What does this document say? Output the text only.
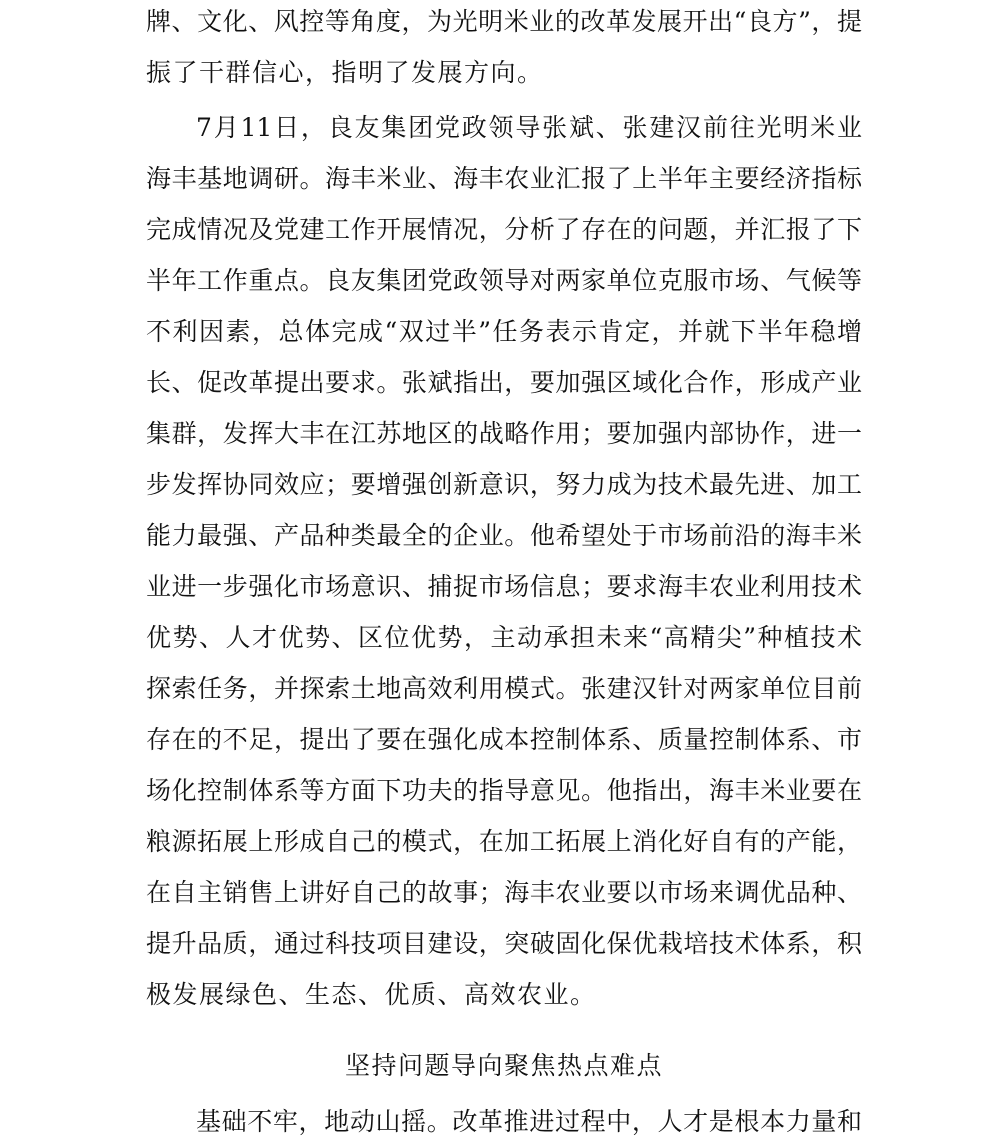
牌、文化、风控等角度，为光明米业的改革发展开出“良方”，提
振了干群信心，指明了发展方向。
7月11日，良友集团党政领导张斌、张建汉前往光明米业
海丰基地调研。海丰米业、海丰农业汇报了上半年主要经济指标
完成情况及党建工作开展情况，分析了存在的问题，并汇报了下
半年工作重点。良友集团党政领导对两家单位克服市场、气候等
不利因素，总体完成“双过半”任务表示肯定，并就下半年稳增
长、促改革提出要求。张斌指出，要加强区域化合作，形成产业
集群，发挥大丰在江苏地区的战略作用；要加强内部协作，进一
步发挥协同效应；要增强创新意识，努力成为技术最先进、加工
能力最强、产品种类最全的企业。他希望处于市场前沿的海丰米
业进一步强化市场意识、捕捉市场信息；要求海丰农业利用技术
优势、人才优势、区位优势，主动承担未来“高精尖”种植技术
探索任务，并探索土地高效利用模式。张建汉针对两家单位目前
存在的不足，提出了要在强化成本控制体系、质量控制体系、市
场化控制体系等方面下功夫的指导意见。他指出，海丰米业要在
粮源拓展上形成自己的模式，在加工拓展上消化好自有的产能，
在自主销售上讲好自己的故事；海丰农业要以市场来调优品种、
提升品质，通过科技项目建设，突破固化保优栽培技术体系，积
极发展绿色、生态、优质、高效农业。
坚持问题导向聚焦热点难点
基础不牢，地动山摇。改革推进过程中，人才是根本力量和
